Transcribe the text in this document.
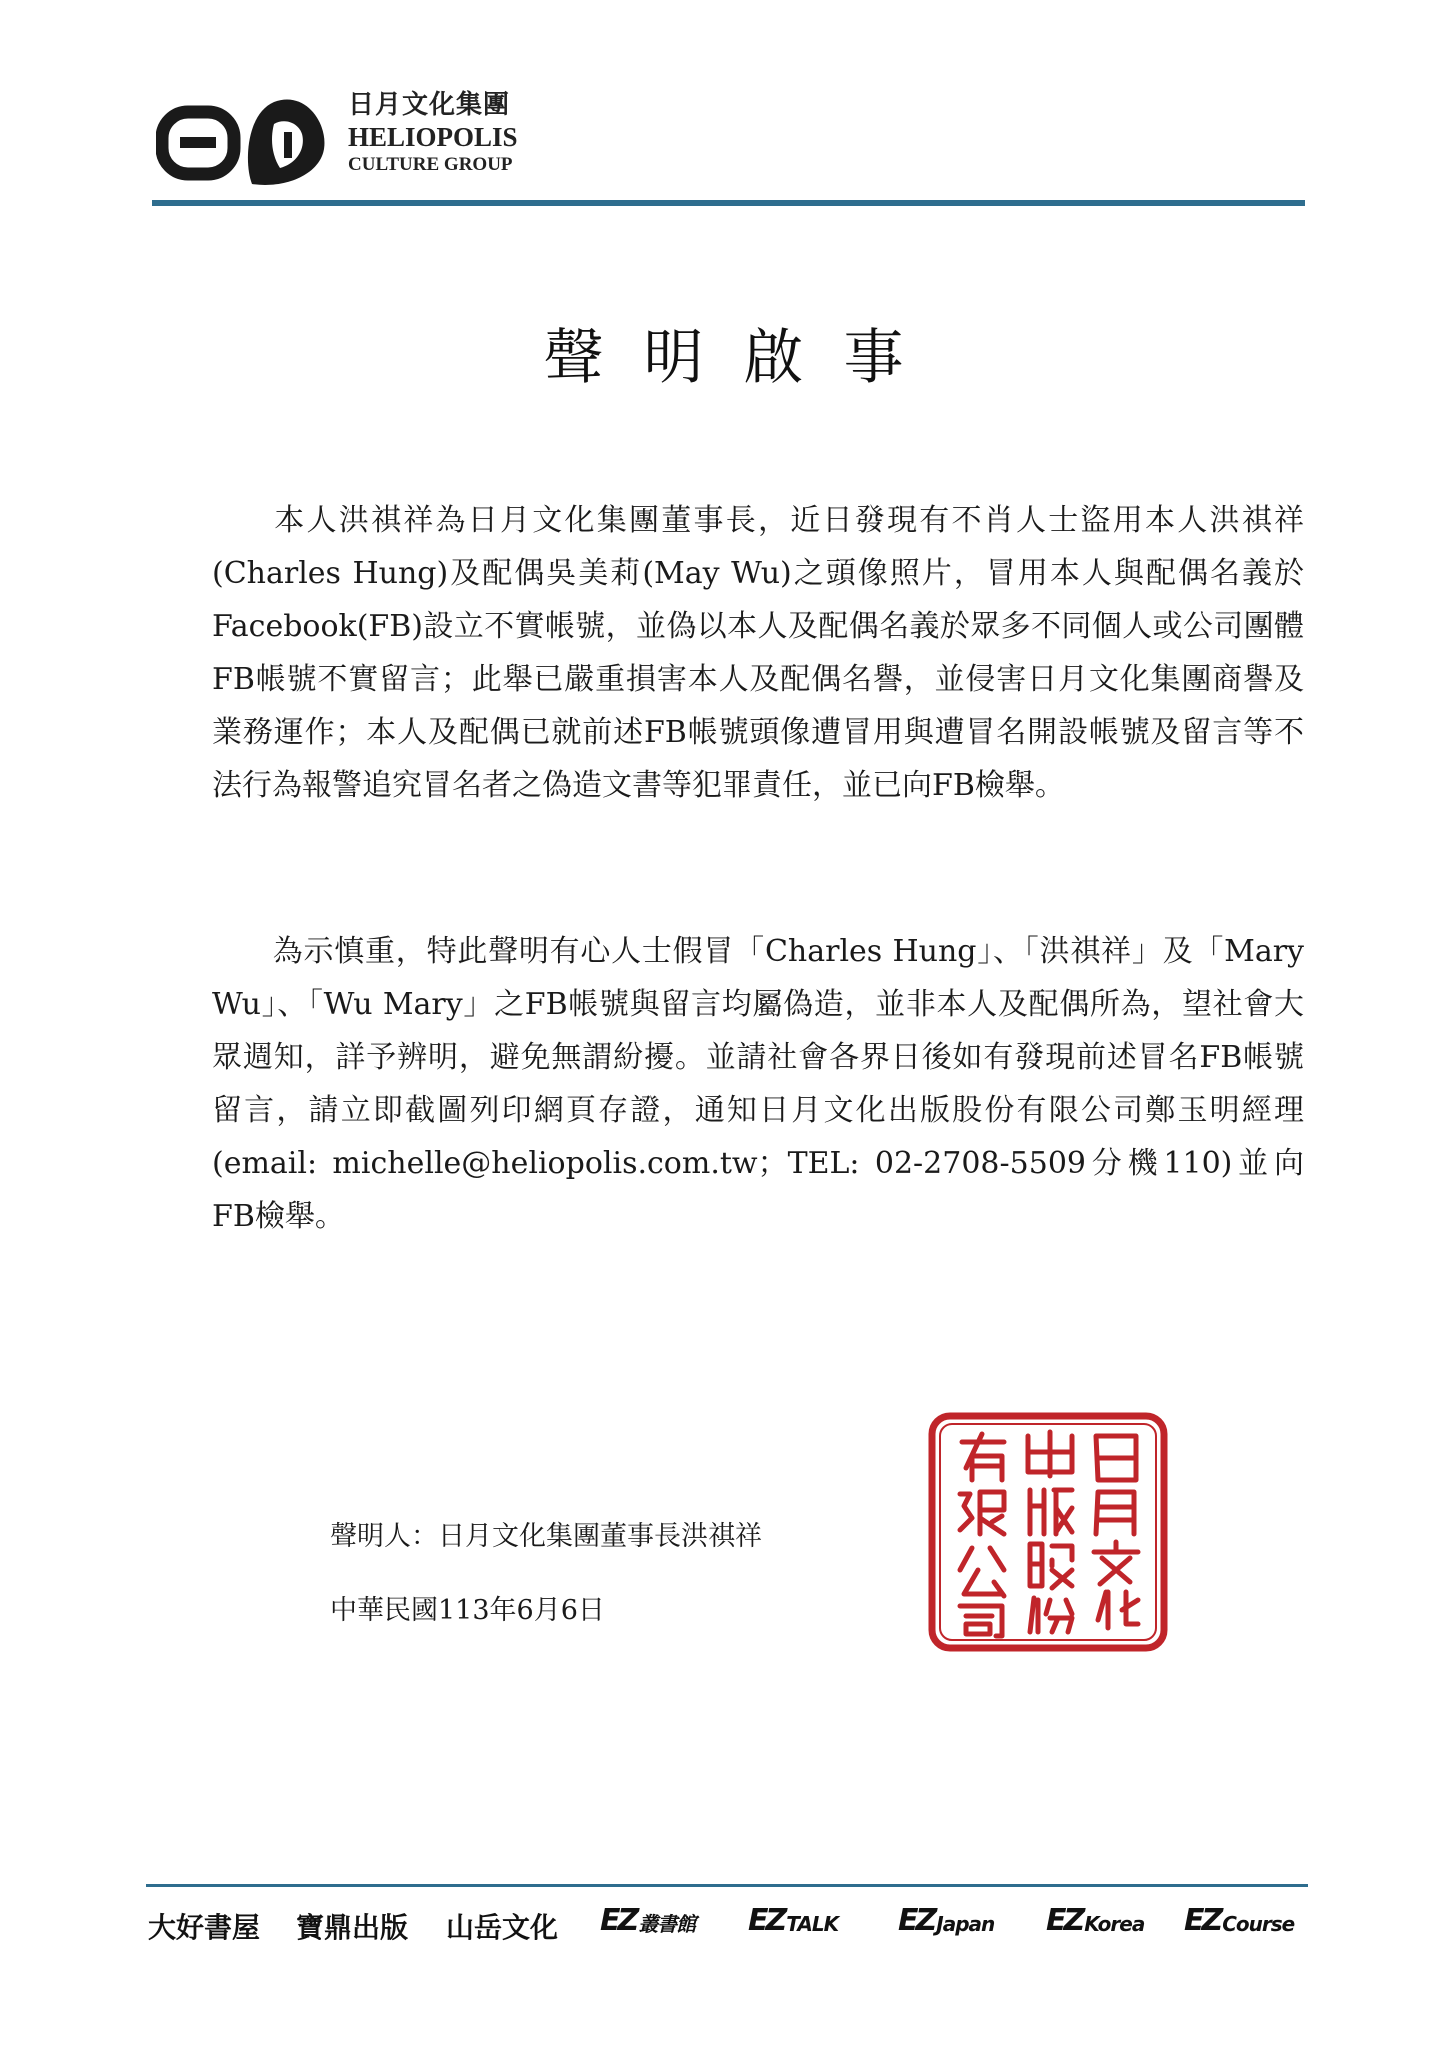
日月文化集團
HELIOPOLIS
CULTURE GROUP
聲明啟事
本人洪祺祥為日月文化集團董事長，近日發現有不肖人士盜用本人洪祺祥(Charles Hung)及配偶吳美莉(May Wu)之頭像照片，冒用本人與配偶名義於Facebook(FB)設立不實帳號，並偽以本人及配偶名義於眾多不同個人或公司團體FB帳號不實留言；此舉已嚴重損害本人及配偶名譽，並侵害日月文化集團商譽及業務運作；本人及配偶已就前述FB帳號頭像遭冒用與遭冒名開設帳號及留言等不法行為報警追究冒名者之偽造文書等犯罪責任，並已向FB檢舉。
為示慎重，特此聲明有心人士假冒「Charles Hung」、「洪祺祥」及「Mary Wu」、「Wu Mary」之FB帳號與留言均屬偽造，並非本人及配偶所為，望社會大眾週知，詳予辨明，避免無謂紛擾。並請社會各界日後如有發現前述冒名FB帳號留言，請立即截圖列印網頁存證，通知日月文化出版股份有限公司鄭玉明經理(email: michelle@heliopolis.com.tw；TEL: 02-2708-5509分機110)並向FB檢舉。
聲明人：日月文化集團董事長洪祺祥
中華民國113年6月6日
大好書屋 寶鼎出版 山岳文化 EZ 叢書館 EZ TALK EZ Japan EZ Korea EZ Course
